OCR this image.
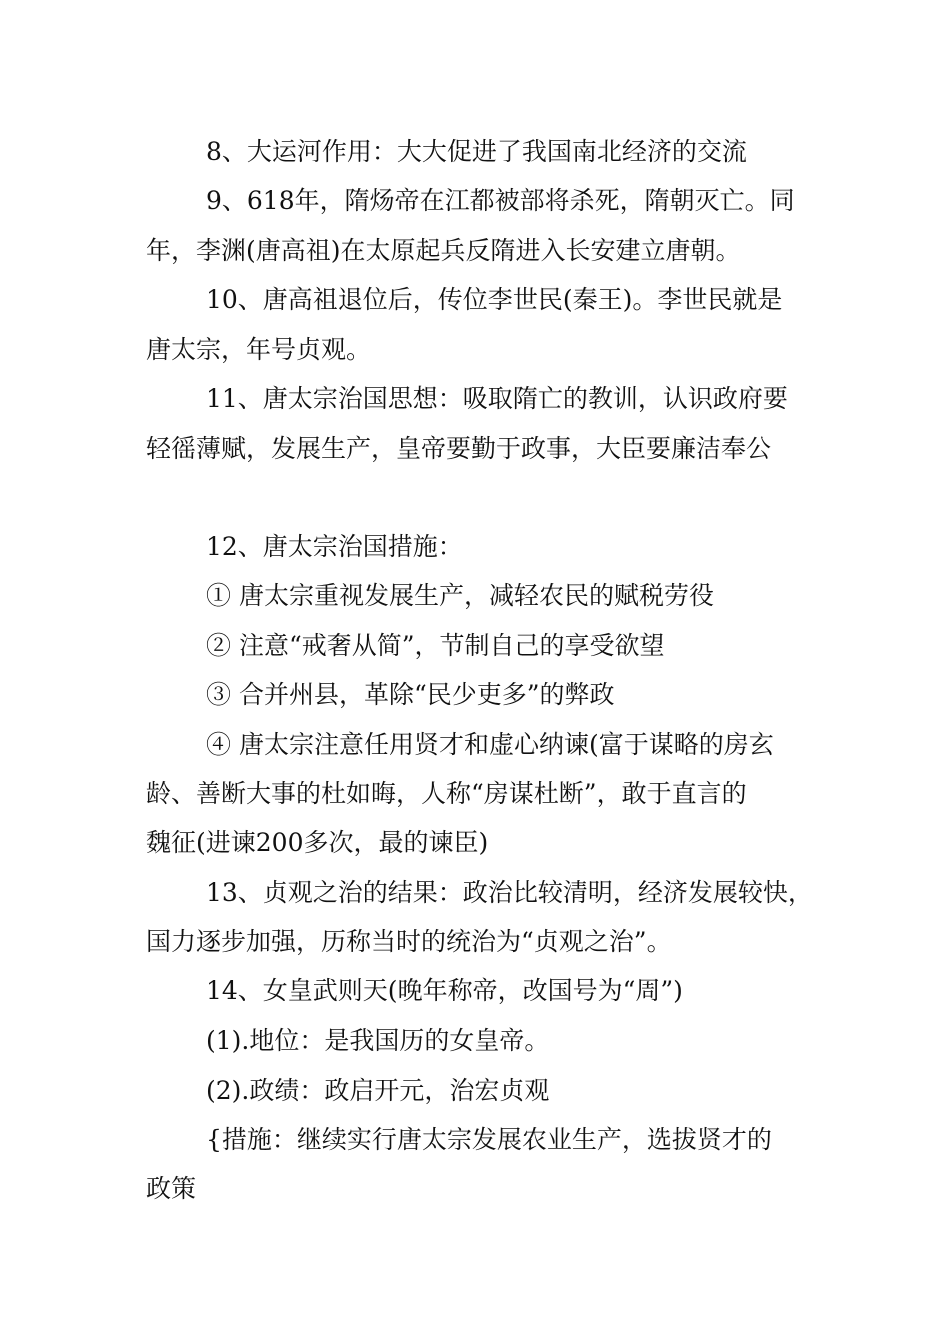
8、大运河作用：大大促进了我国南北经济的交流
9、618年，隋炀帝在江都被部将杀死，隋朝灭亡。同
年，李渊(唐高祖)在太原起兵反隋进入长安建立唐朝。
10、唐高祖退位后，传位李世民(秦王)。李世民就是
唐太宗，年号贞观。
11、唐太宗治国思想：吸取隋亡的教训，认识政府要
轻徭薄赋，发展生产，皇帝要勤于政事，大臣要廉洁奉公
12、唐太宗治国措施：
① 唐太宗重视发展生产，减轻农民的赋税劳役
② 注意“戒奢从简”，节制自己的享受欲望
③ 合并州县，革除“民少吏多”的弊政
④ 唐太宗注意任用贤才和虚心纳谏(富于谋略的房玄
龄、善断大事的杜如晦，人称“房谋杜断”，敢于直言的
魏征(进谏200多次，最的谏臣)
13、贞观之治的结果：政治比较清明，经济发展较快，
国力逐步加强，历称当时的统治为“贞观之治”。
14、女皇武则天(晚年称帝，改国号为“周”)
(1).地位：是我国历的女皇帝。
(2).政绩：政启开元，治宏贞观
{措施：继续实行唐太宗发展农业生产，选拔贤才的
政策
